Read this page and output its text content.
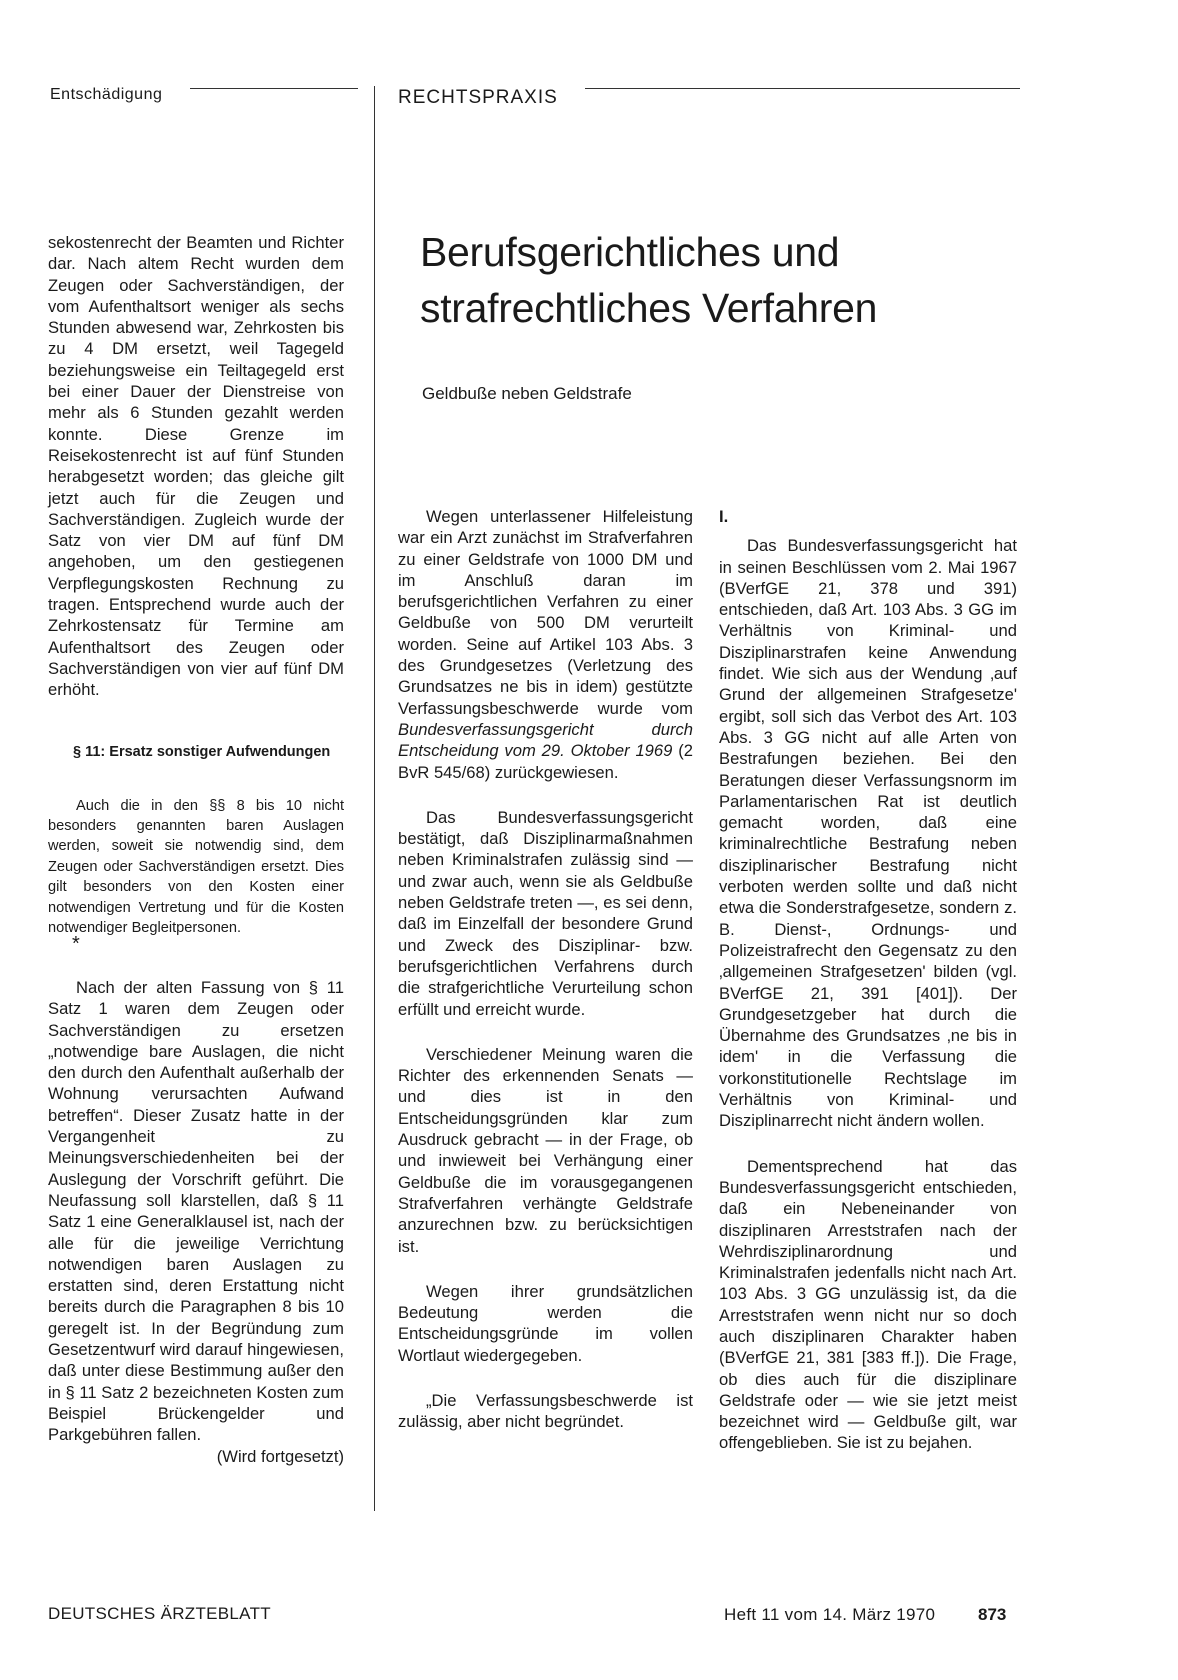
Entschädigung	RECHTSPRAXIS
Berufsgerichtliches und
strafrechtliches Verfahren
Geldbuße neben Geldstrafe

sekostenrecht der Beamten und Richter dar. Nach altem Recht wurden dem Zeugen oder Sachverständigen, der vom Aufenthaltsort weniger als sechs Stunden abwesend war, Zehrkosten bis zu 4 DM ersetzt, weil Tagegeld beziehungsweise ein Teiltagegeld erst bei einer Dauer der Dienstreise von mehr als 6 Stunden gezahlt werden konnte. Diese Grenze im Reisekostenrecht ist auf fünf Stunden herabgesetzt worden; das gleiche gilt jetzt auch für die Zeugen und Sachverständigen. Zugleich wurde der Satz von vier DM auf fünf DM angehoben, um den gestiegenen Verpflegungskosten Rechnung zu tragen. Entsprechend wurde auch der Zehrkostensatz für Termine am Aufenthaltsort des Zeugen oder Sachverständigen von vier auf fünf DM erhöht.

§ 11: Ersatz sonstiger Aufwendungen

Auch die in den §§ 8 bis 10 nicht besonders genannten baren Auslagen werden, soweit sie notwendig sind, dem Zeugen oder Sachverständigen ersetzt. Dies gilt besonders von den Kosten einer notwendigen Vertretung und für die Kosten notwendiger Begleitpersonen.

*

Nach der alten Fassung von § 11 Satz 1 waren dem Zeugen oder Sachverständigen zu ersetzen „notwendige bare Auslagen, die nicht den durch den Aufenthalt außerhalb der Wohnung verursachten Aufwand betreffen“. Dieser Zusatz hatte in der Vergangenheit zu Meinungsverschiedenheiten bei der Auslegung der Vorschrift geführt. Die Neufassung soll klarstellen, daß § 11 Satz 1 eine Generalklausel ist, nach der alle für die jeweilige Verrichtung notwendigen baren Auslagen zu erstatten sind, deren Erstattung nicht bereits durch die Paragraphen 8 bis 10 geregelt ist. In der Begründung zum Gesetzentwurf wird darauf hingewiesen, daß unter diese Bestimmung außer den in § 11 Satz 2 bezeichneten Kosten zum Beispiel Brückengelder und Parkgebühren fallen.

(Wird fortgesetzt)

Wegen unterlassener Hilfeleistung war ein Arzt zunächst im Strafverfahren zu einer Geldstrafe von 1000 DM und im Anschluß daran im berufsgerichtlichen Verfahren zu einer Geldbuße von 500 DM verurteilt worden. Seine auf Artikel 103 Abs. 3 des Grundgesetzes (Verletzung des Grundsatzes ne bis in idem) gestützte Verfassungsbeschwerde wurde vom Bundesverfassungsgericht durch Entscheidung vom 29. Oktober 1969 (2 BvR 545/68) zurückgewiesen.

Das Bundesverfassungsgericht bestätigt, daß Disziplinarmaßnahmen neben Kriminalstrafen zulässig sind — und zwar auch, wenn sie als Geldbuße neben Geldstrafe treten —, es sei denn, daß im Einzelfall der besondere Grund und Zweck des Disziplinar- bzw. berufsgerichtlichen Verfahrens durch die strafgerichtliche Verurteilung schon erfüllt und erreicht wurde.

Verschiedener Meinung waren die Richter des erkennenden Senats — und dies ist in den Entscheidungsgründen klar zum Ausdruck gebracht — in der Frage, ob und inwieweit bei Verhängung einer Geldbuße die im vorausgegangenen Strafverfahren verhängte Geldstrafe anzurechnen bzw. zu berücksichtigen ist.

Wegen ihrer grundsätzlichen Bedeutung werden die Entscheidungsgründe im vollen Wortlaut wiedergegeben.

„Die Verfassungsbeschwerde ist zulässig, aber nicht begründet.

I.

Das Bundesverfassungsgericht hat in seinen Beschlüssen vom 2. Mai 1967 (BVerfGE 21, 378 und 391) entschieden, daß Art. 103 Abs. 3 GG im Verhältnis von Kriminal- und Disziplinarstrafen keine Anwendung findet. Wie sich aus der Wendung ‚auf Grund der allgemeinen Strafgesetze' ergibt, soll sich das Verbot des Art. 103 Abs. 3 GG nicht auf alle Arten von Bestrafungen beziehen. Bei den Beratungen dieser Verfassungsnorm im Parlamentarischen Rat ist deutlich gemacht worden, daß eine kriminalrechtliche Bestrafung neben disziplinarischer Bestrafung nicht verboten werden sollte und daß nicht etwa die Sonderstrafgesetze, sondern z. B. Dienst-, Ordnungs- und Polizeistrafrecht den Gegensatz zu den ‚allgemeinen Strafgesetzen' bilden (vgl. BVerfGE 21, 391 [401]). Der Grundgesetzgeber hat durch die Übernahme des Grundsatzes ‚ne bis in idem' in die Verfassung die vorkonstitutionelle Rechtslage im Verhältnis von Kriminal- und Disziplinarrecht nicht ändern wollen.

Dementsprechend hat das Bundesverfassungsgericht entschieden, daß ein Nebeneinander von disziplinaren Arreststrafen nach der Wehrdisziplinarordnung und Kriminalstrafen jedenfalls nicht nach Art. 103 Abs. 3 GG unzulässig ist, da die Arreststrafen wenn nicht nur so doch auch disziplinaren Charakter haben (BVerfGE 21, 381 [383 ff.]). Die Frage, ob dies auch für die disziplinare Geldstrafe oder — wie sie jetzt meist bezeichnet wird — Geldbuße gilt, war offengeblieben. Sie ist zu bejahen.

DEUTSCHES ÄRZTEBLATT	Heft 11 vom 14. März 1970	873
